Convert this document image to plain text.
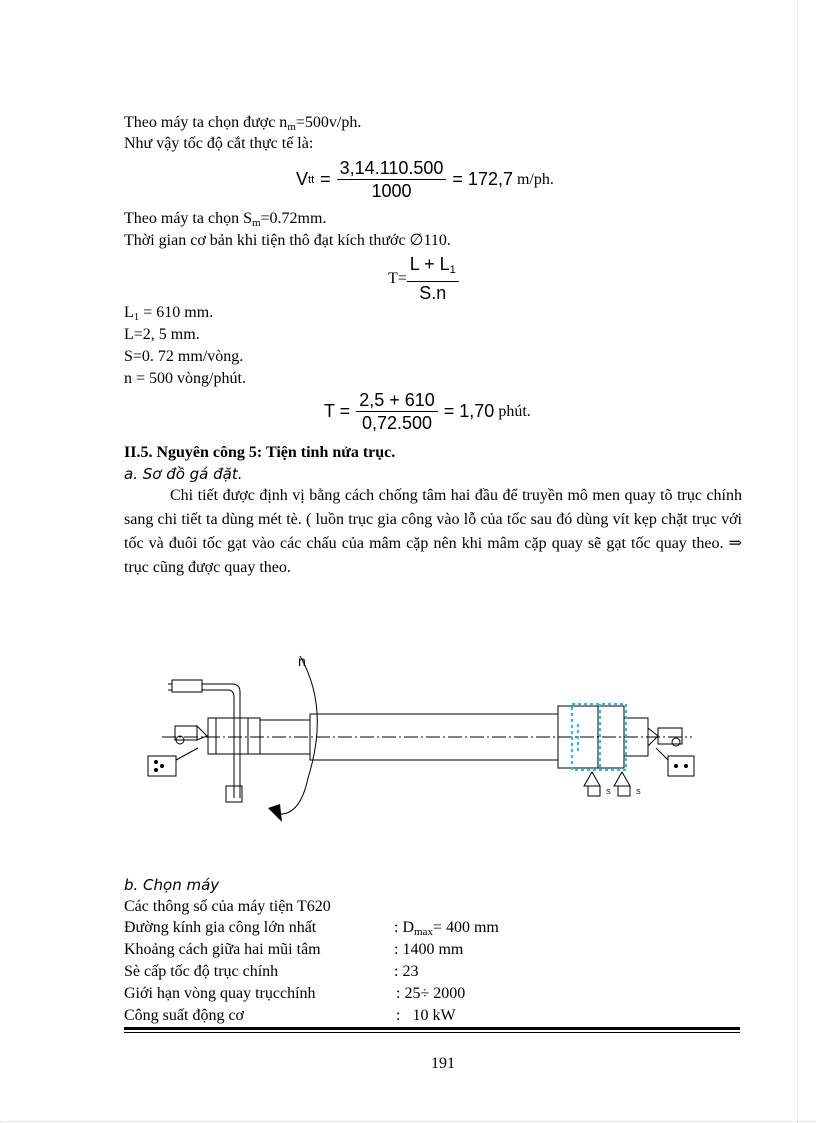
Theo máy ta chọn được $n_m=500v/ph$.
Như vậy tốc độ cắt thực tế là:
V tt = $\frac{3,14.110.500}{1000} = 172,7$ m/ph.
Theo máy ta chọn $S_m=0.72mm$.
Thời gian cơ bản khi tiện thô đạt kích thước ∅110.
$T= \frac{L + L_1}{S.n}$
$L_1 = 610$ mm.
L=2, 5 mm.
S=0. 72 mm/vòng.
n = 500 vòng/phút.
$T = \frac{2,5 + 610}{0,72.500} = 1,70$ phút.
II.5. Nguyên công 5: Tiện tinh nửa trục.
a. Sơ đồ gá đặt.
Chi tiết được định vị bằng cách chống tâm hai đầu để truyền mô men quay tõ trục chính sang chi tiết ta dùng mét tè. ( luồn trục gia công vào lỗ của tốc sau đó dùng vít kẹp chặt trục với tốc và đuôi tốc gạt vào các chấu của mâm cặp nên khi mâm cặp quay sẽ gạt tốc quay theo. ⇒ trục cũng được quay theo.
b. Chọn máy
Các thông số của máy tiện T620
Đường kính gia công lớn nhất	: $D_{max}= 400$ mm
Khoảng cách giữa hai mũi tâm	: 1400 mm
Sè cấp tốc độ trục chính	: 23
Giới hạn vòng quay trụcchính	: 25÷ 2000
Công suất động cơ	:   10 kW
n
S	S
191
